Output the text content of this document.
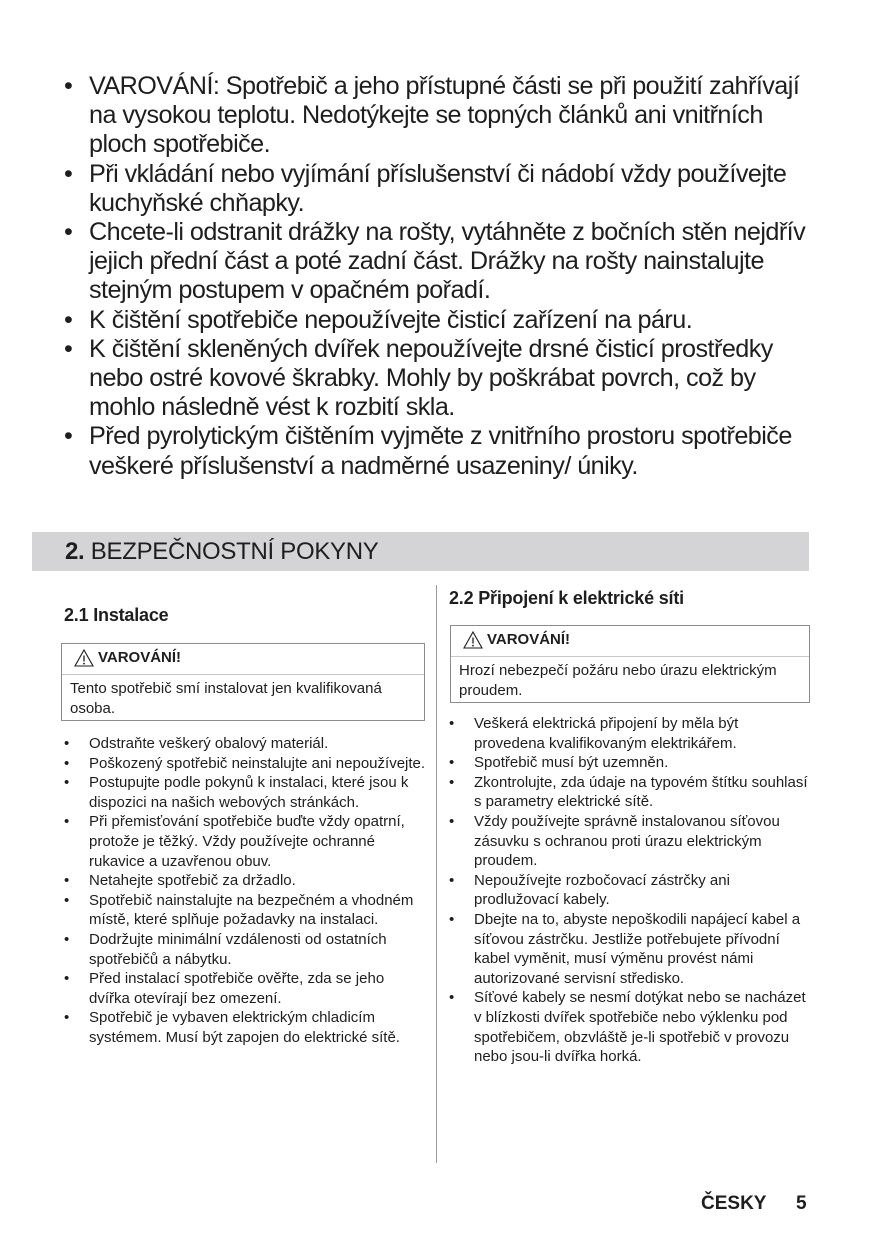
• VAROVÁNÍ: Spotřebič a jeho přístupné části se při použití zahřívají na vysokou teplotu. Nedotýkejte se topných článků ani vnitřních ploch spotřebiče.
• Při vkládání nebo vyjímání příslušenství či nádobí vždy používejte kuchyňské chňapky.
• Chcete-li odstranit drážky na rošty, vytáhněte z bočních stěn nejdřív jejich přední část a poté zadní část. Drážky na rošty nainstalujte stejným postupem v opačném pořadí.
• K čištění spotřebiče nepoužívejte čisticí zařízení na páru.
• K čištění skleněných dvířek nepoužívejte drsné čisticí prostředky nebo ostré kovové škrabky. Mohly by poškrábat povrch, což by mohlo následně vést k rozbití skla.
• Před pyrolytickým čištěním vyjměte z vnitřního prostoru spotřebiče veškeré příslušenství a nadměrné usazeniny/ úniky.
2. BEZPEČNOSTNÍ POKYNY
2.1 Instalace
VAROVÁNÍ!
Tento spotřebič smí instalovat jen kvalifikovaná osoba.
• Odstraňte veškerý obalový materiál.
• Poškozený spotřebič neinstalujte ani nepoužívejte.
• Postupujte podle pokynů k instalaci, které jsou k dispozici na našich webových stránkách.
• Při přemisťování spotřebiče buďte vždy opatrní, protože je těžký. Vždy používejte ochranné rukavice a uzavřenou obuv.
• Netahejte spotřebič za držadlo.
• Spotřebič nainstalujte na bezpečném a vhodném místě, které splňuje požadavky na instalaci.
• Dodržujte minimální vzdálenosti od ostatních spotřebičů a nábytku.
• Před instalací spotřebiče ověřte, zda se jeho dvířka otevírají bez omezení.
• Spotřebič je vybaven elektrickým chladicím systémem. Musí být zapojen do elektrické sítě.
2.2 Připojení k elektrické síti
VAROVÁNÍ!
Hrozí nebezpečí požáru nebo úrazu elektrickým proudem.
• Veškerá elektrická připojení by měla být provedena kvalifikovaným elektrikářem.
• Spotřebič musí být uzemněn.
• Zkontrolujte, zda údaje na typovém štítku souhlasí s parametry elektrické sítě.
• Vždy používejte správně instalovanou síťovou zásuvku s ochranou proti úrazu elektrickým proudem.
• Nepoužívejte rozbočovací zástrčky ani prodlužovací kabely.
• Dbejte na to, abyste nepoškodili napájecí kabel a síťovou zástrčku. Jestliže potřebujete přívodní kabel vyměnit, musí výměnu provést námi autorizované servisní středisko.
• Síťové kabely se nesmí dotýkat nebo se nacházet v blízkosti dvířek spotřebiče nebo výklenku pod spotřebičem, obzvláště je-li spotřebič v provozu nebo jsou-li dvířka horká.
ČESKY 5
